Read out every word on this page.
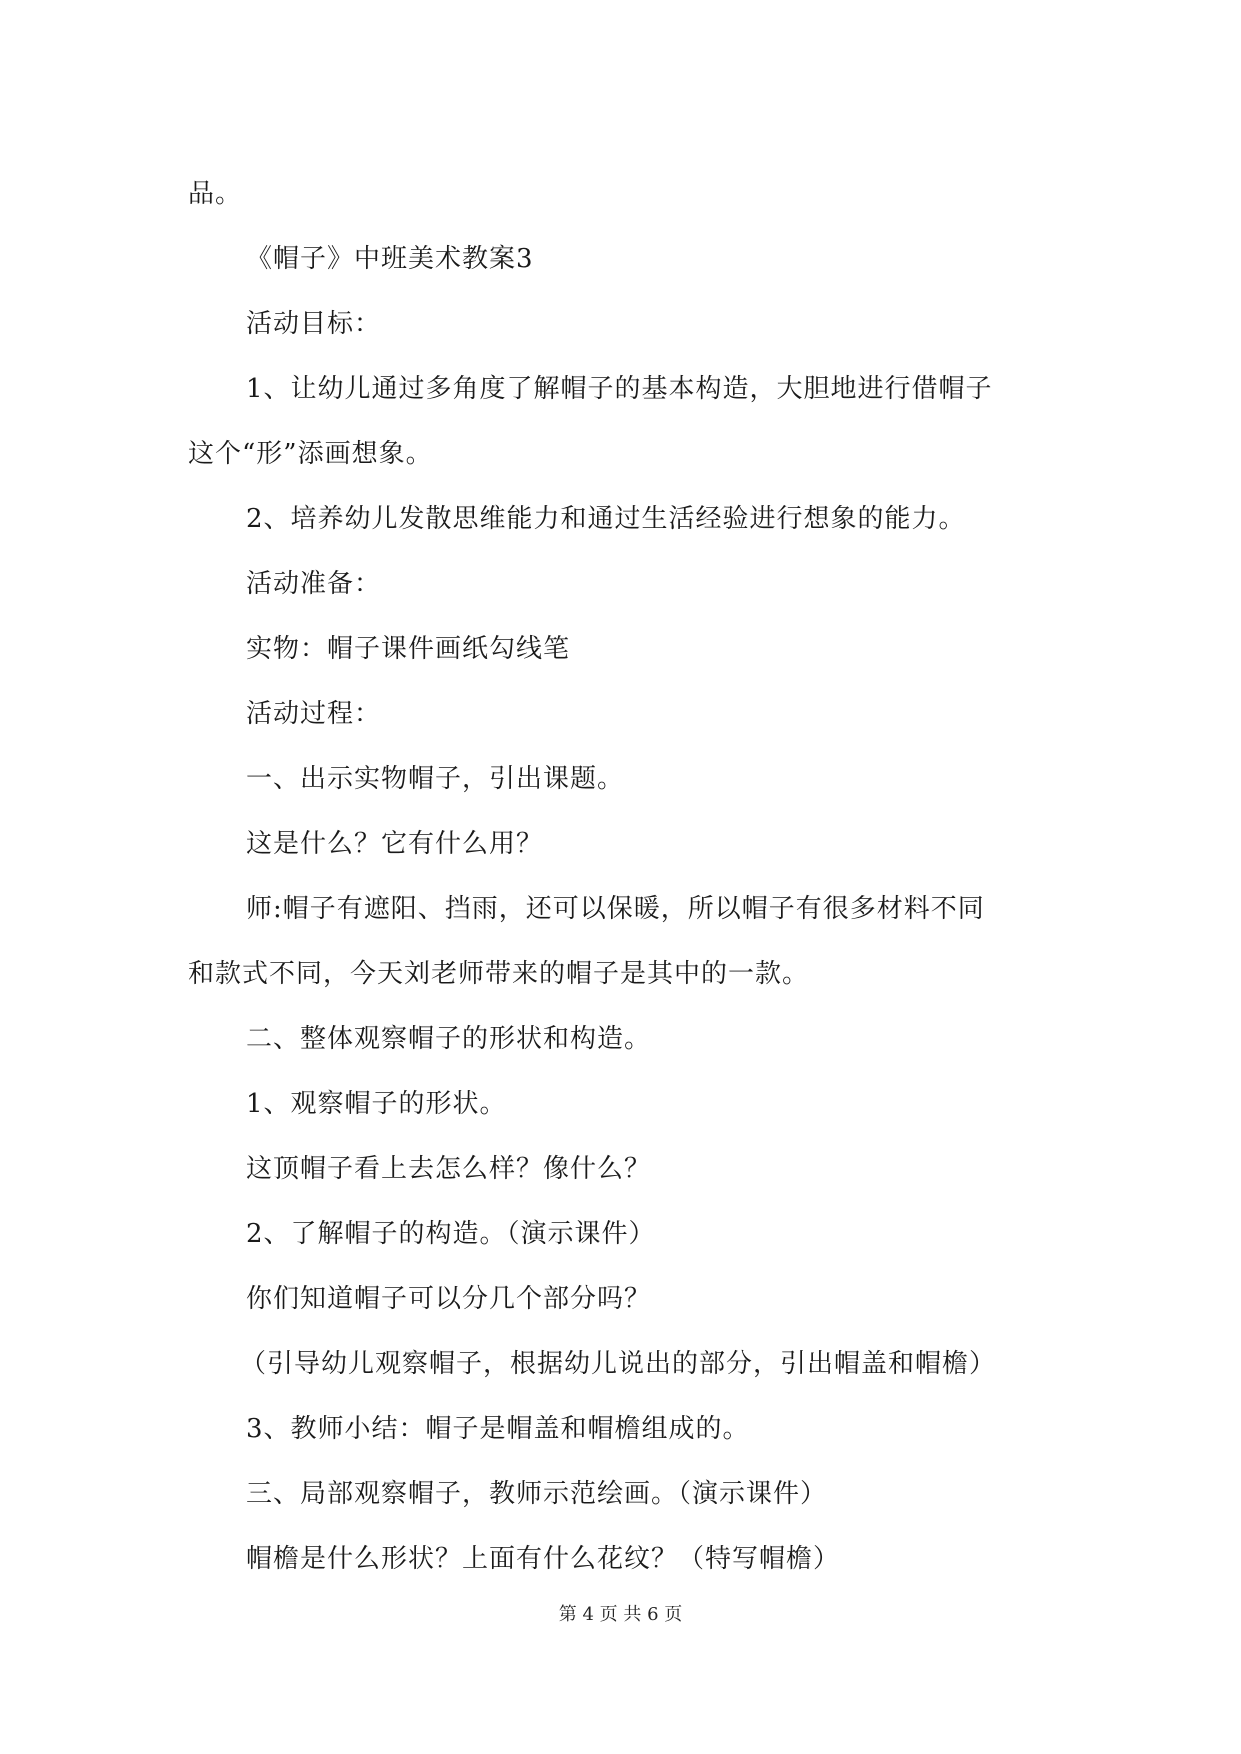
品。
《帽子》中班美术教案3
活动目标：
1、让幼儿通过多角度了解帽子的基本构造，大胆地进行借帽子
这个“形”添画想象。
2、培养幼儿发散思维能力和通过生活经验进行想象的能力。
活动准备：
实物：帽子课件画纸勾线笔
活动过程：
一、出示实物帽子，引出课题。
这是什么？它有什么用？
师:帽子有遮阳、挡雨，还可以保暖，所以帽子有很多材料不同
和款式不同，今天刘老师带来的帽子是其中的一款。
二、整体观察帽子的形状和构造。
1、观察帽子的形状。
这顶帽子看上去怎么样？像什么？
2、了解帽子的构造。（演示课件）
你们知道帽子可以分几个部分吗？
（引导幼儿观察帽子，根据幼儿说出的部分，引出帽盖和帽檐）
3、教师小结：帽子是帽盖和帽檐组成的。
三、局部观察帽子，教师示范绘画。（演示课件）
帽檐是什么形状？上面有什么花纹？（特写帽檐）
第 4 页 共 6 页
